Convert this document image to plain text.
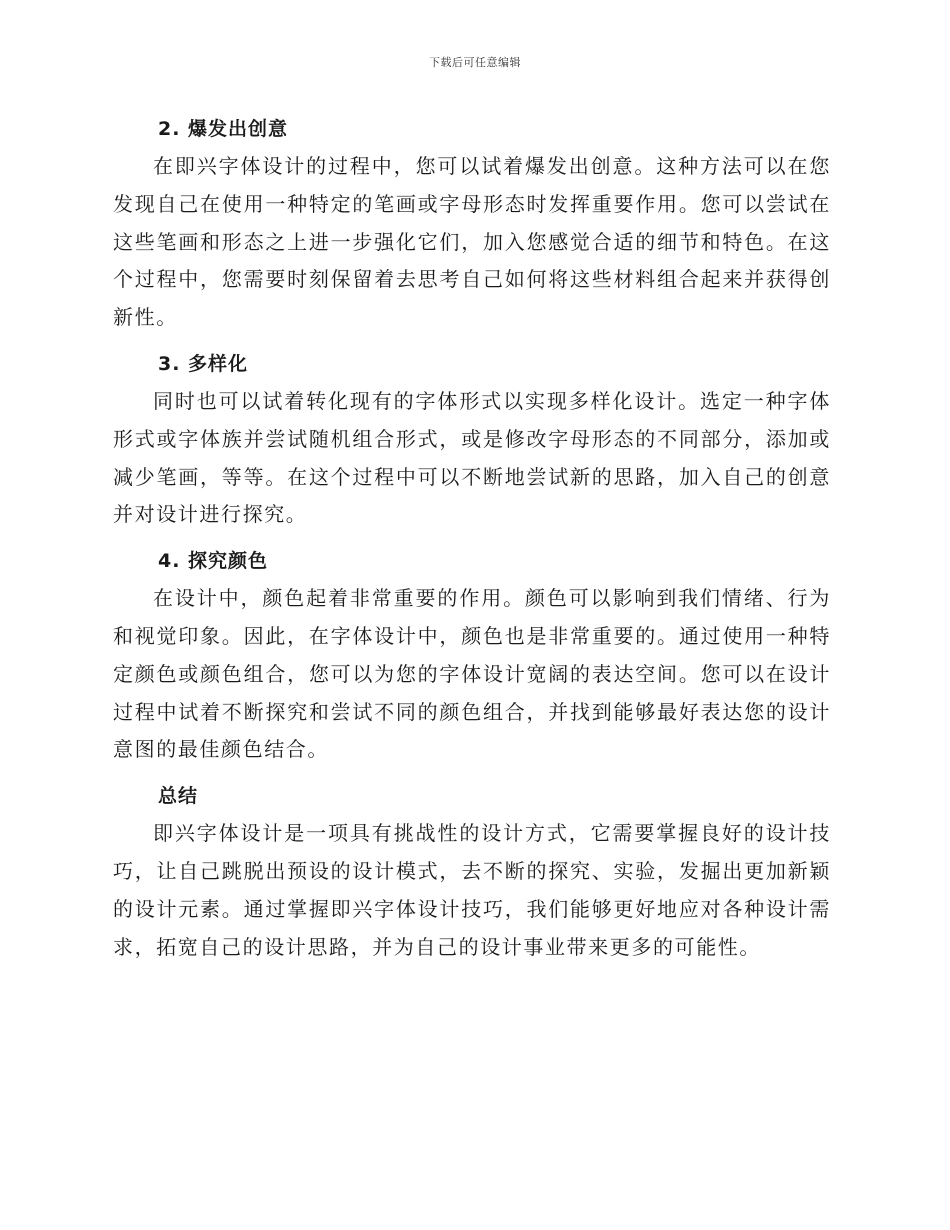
下载后可任意编辑
2. 爆发出创意

在即兴字体设计的过程中，您可以试着爆发出创意。这种方法可以在您发现自己在使用一种特定的笔画或字母形态时发挥重要作用。您可以尝试在这些笔画和形态之上进一步强化它们，加入您感觉合适的细节和特色。在这个过程中，您需要时刻保留着去思考自己如何将这些材料组合起来并获得创新性。

3. 多样化

同时也可以试着转化现有的字体形式以实现多样化设计。选定一种字体形式或字体族并尝试随机组合形式，或是修改字母形态的不同部分，添加或减少笔画，等等。在这个过程中可以不断地尝试新的思路，加入自己的创意并对设计进行探究。

4. 探究颜色

在设计中，颜色起着非常重要的作用。颜色可以影响到我们情绪、行为和视觉印象。因此，在字体设计中，颜色也是非常重要的。通过使用一种特定颜色或颜色组合，您可以为您的字体设计宽阔的表达空间。您可以在设计过程中试着不断探究和尝试不同的颜色组合，并找到能够最好表达您的设计意图的最佳颜色结合。

总结

即兴字体设计是一项具有挑战性的设计方式，它需要掌握良好的设计技巧，让自己跳脱出预设的设计模式，去不断的探究、实验，发掘出更加新颖的设计元素。通过掌握即兴字体设计技巧，我们能够更好地应对各种设计需求，拓宽自己的设计思路，并为自己的设计事业带来更多的可能性。
